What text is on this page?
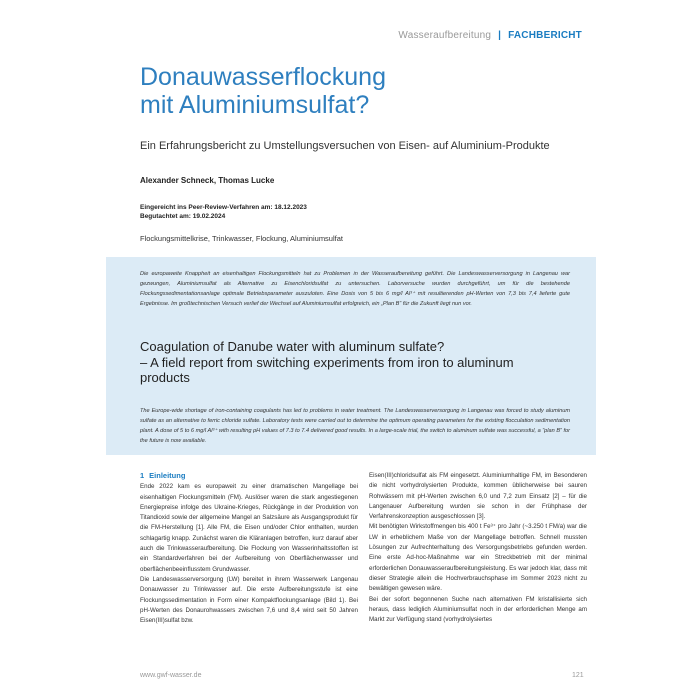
Wasseraufbereitung | FACHBERICHT
Donauwasserflockung
mit Aluminiumsulfat?
Ein Erfahrungsbericht zu Umstellungsversuchen von Eisen- auf Aluminium-Produkte
Alexander Schneck, Thomas Lucke
Eingereicht ins Peer-Review-Verfahren am: 18.12.2023
Begutachtet am: 19.02.2024
Flockungsmittelkrise, Trinkwasser, Flockung, Aluminiumsulfat
Die europaweite Knappheit an eisenhaltigen Flockungsmitteln hat zu Problemen in der Wasseraufbereitung geführt. Die Landeswasserversorgung in Langenau war gezwungen, Aluminiumsulfat als Alternative zu Eisenchloridsulfat zu untersuchen. Laborversuche wurden durchgeführt, um für die bestehende Flockungssedimentationsanlage optimale Betriebsparameter auszuloten. Eine Dosis von 5 bis 6 mg/l Al³⁺ mit resultierenden pH-Werten von 7,3 bis 7,4 lieferte gute Ergebnisse. Im großtechnischen Versuch verlief der Wechsel auf Aluminiumsulfat erfolgreich, ein „Plan B“ für die Zukunft liegt nun vor.
Coagulation of Danube water with aluminum sulfate?
– A field report from switching experiments from iron to aluminum
products
The Europe-wide shortage of iron-containing coagulants has led to problems in water treatment. The Landeswasserversorgung in Langenau was forced to study aluminum sulfate as an alternative to ferric chloride sulfate. Laboratory tests were carried out to determine the optimum operating parameters for the existing flocculation sedimentation plant. A dose of 5 to 6 mg/l Al³⁺ with resulting pH values of 7.3 to 7.4 delivered good results. In a large-scale trial, the switch to aluminum sulfate was successful, a “plan B” for the future is now available.
1 Einleitung

Ende 2022 kam es europaweit zu einer dramatischen Mangellage bei eisenhaltigen Flockungsmitteln (FM). Auslöser waren die stark angestiegenen Energiepreise infolge des Ukraine-Krieges, Rückgänge in der Produktion von Titandioxid sowie der allgemeine Mangel an Salzsäure als Ausgangsprodukt für die FM-Herstellung [1]. Alle FM, die Eisen und/oder Chlor enthalten, wurden schlagartig knapp. Zunächst waren die Kläranlagen betroffen, kurz darauf aber auch die Trinkwasseraufbereitung. Die Flockung von Wasserinhaltsstoffen ist ein Standardverfahren bei der Aufbereitung von Oberflächenwasser und oberflächenbeeinflusstem Grundwasser.

Die Landeswasserversorgung (LW) bereitet in ihrem Wasserwerk Langenau Donauwasser zu Trinkwasser auf. Die erste Aufbereitungsstufe ist eine Flockungssedimentation in Form einer Kompaktflockungsanlage (Bild 1). Bei pH-Werten des Donaurohwassers zwischen 7,6 und 8,4 wird seit 50 Jahren Eisen(III)sulfat bzw.

Eisen(III)chloridsulfat als FM eingesetzt. Aluminiumhaltige FM, im Besonderen die nicht vorhydrolysierten Produkte, kommen üblicherweise bei sauren Rohwässern mit pH-Werten zwischen 6,0 und 7,2 zum Einsatz [2] – für die Langenauer Aufbereitung wurden sie schon in der Frühphase der Verfahrenskonzeption ausgeschlossen [3].

Mit benötigten Wirkstoffmengen bis 400 t Fe³⁺ pro Jahr (~3.250 t FM/a) war die LW in erheblichem Maße von der Mangellage betroffen. Schnell mussten Lösungen zur Aufrechterhaltung des Versorgungsbetriebs gefunden werden. Eine erste Ad-hoc-Maßnahme war ein Streckbetrieb mit der minimal erforderlichen Donauwasseraufbereitungsleistung. Es war jedoch klar, dass mit dieser Strategie allein die Hochverbrauchsphase im Sommer 2023 nicht zu bewältigen gewesen wäre.

Bei der sofort begonnenen Suche nach alternativen FM kristallisierte sich heraus, dass lediglich Aluminiumsulfat noch in der erforderlichen Menge am Markt zur Verfügung stand (vorhydrolysiertes

www.gwf-wasser.de	121
